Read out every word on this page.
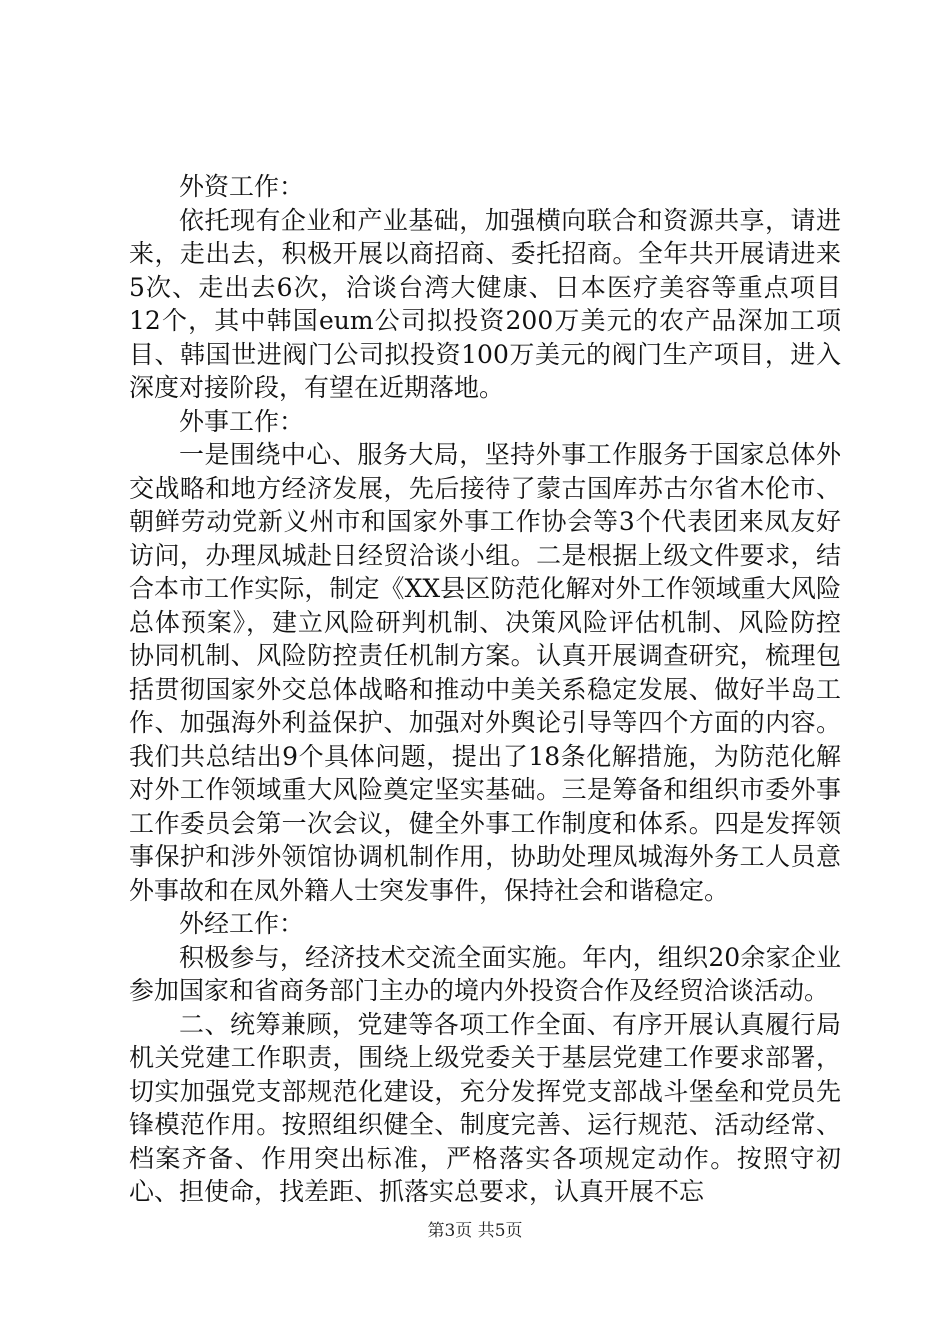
外资工作：

依托现有企业和产业基础，加强横向联合和资源共享，请进来，走出去，积极开展以商招商、委托招商。全年共开展请进来5次、走出去6次，洽谈台湾大健康、日本医疗美容等重点项目12个，其中韩国eum公司拟投资200万美元的农产品深加工项目、韩国世进阀门公司拟投资100万美元的阀门生产项目，进入深度对接阶段，有望在近期落地。

外事工作：

一是围绕中心、服务大局，坚持外事工作服务于国家总体外交战略和地方经济发展，先后接待了蒙古国库苏古尔省木伦市、朝鲜劳动党新义州市和国家外事工作协会等3个代表团来凤友好访问，办理凤城赴日经贸洽谈小组。二是根据上级文件要求，结合本市工作实际，制定《XX县区防范化解对外工作领域重大风险总体预案》，建立风险研判机制、决策风险评估机制、风险防控协同机制、风险防控责任机制方案。认真开展调查研究，梳理包括贯彻国家外交总体战略和推动中美关系稳定发展、做好半岛工作、加强海外利益保护、加强对外舆论引导等四个方面的内容。我们共总结出9个具体问题，提出了18条化解措施，为防范化解对外工作领域重大风险奠定坚实基础。三是筹备和组织市委外事工作委员会第一次会议，健全外事工作制度和体系。四是发挥领事保护和涉外领馆协调机制作用，协助处理凤城海外务工人员意外事故和在凤外籍人士突发事件，保持社会和谐稳定。

外经工作：

积极参与，经济技术交流全面实施。年内，组织20余家企业参加国家和省商务部门主办的境内外投资合作及经贸洽谈活动。

二、统筹兼顾，党建等各项工作全面、有序开展认真履行局机关党建工作职责，围绕上级党委关于基层党建工作要求部署，切实加强党支部规范化建设，充分发挥党支部战斗堡垒和党员先锋模范作用。按照组织健全、制度完善、运行规范、活动经常、档案齐备、作用突出标准，严格落实各项规定动作。按照守初心、担使命，找差距、抓落实总要求，认真开展不忘

第3页 共5页
